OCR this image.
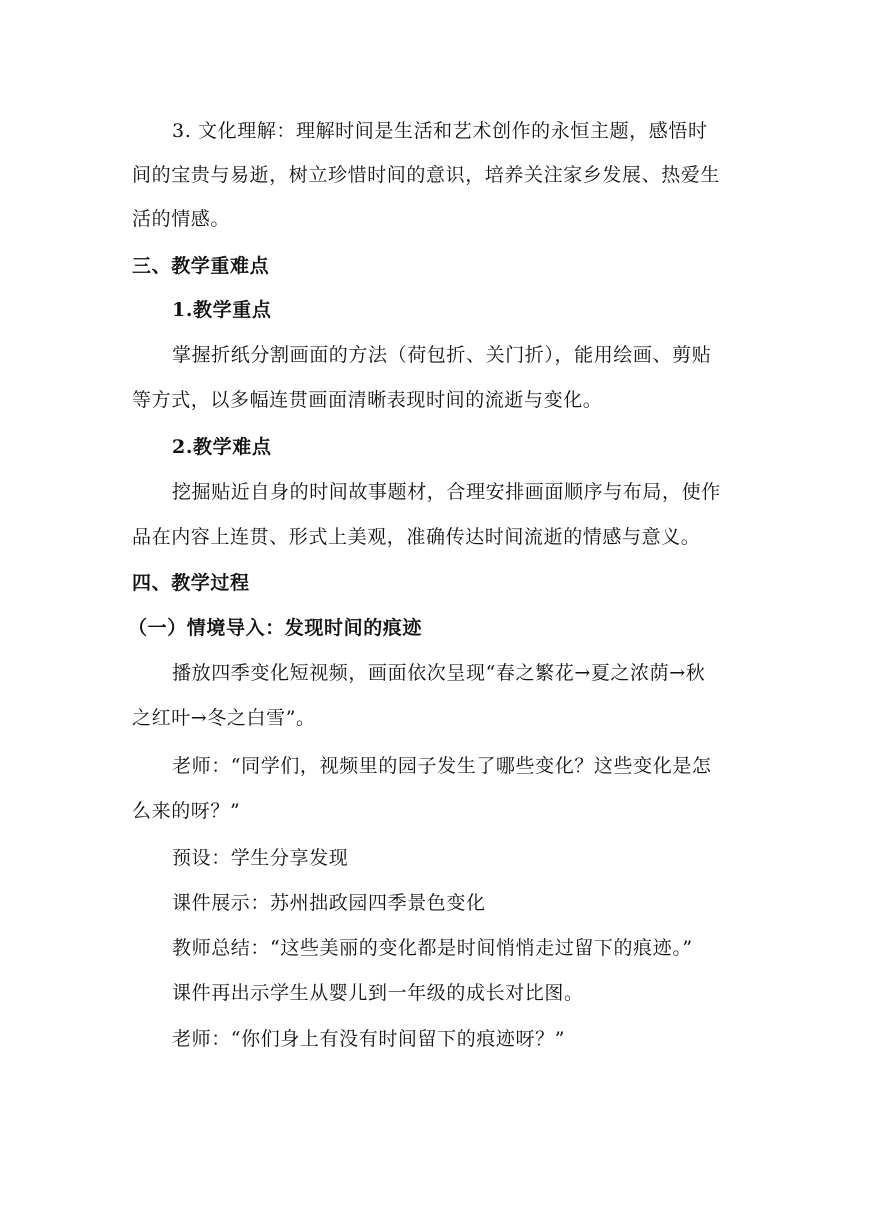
3. 文化理解：理解时间是生活和艺术创作的永恒主题，感悟时
间的宝贵与易逝，树立珍惜时间的意识，培养关注家乡发展、热爱生
活的情感。
三、教学重难点
1.教学重点
掌握折纸分割画面的方法（荷包折、关门折），能用绘画、剪贴
等方式，以多幅连贯画面清晰表现时间的流逝与变化。
2.教学难点
挖掘贴近自身的时间故事题材，合理安排画面顺序与布局，使作
品在内容上连贯、形式上美观，准确传达时间流逝的情感与意义。
四、教学过程
（一）情境导入：发现时间的痕迹
播放四季变化短视频，画面依次呈现“春之繁花→夏之浓荫→秋
之红叶→冬之白雪”。
老师：“同学们，视频里的园子发生了哪些变化？这些变化是怎
么来的呀？”
预设：学生分享发现
课件展示：苏州拙政园四季景色变化
教师总结：“这些美丽的变化都是时间悄悄走过留下的痕迹。”
课件再出示学生从婴儿到一年级的成长对比图。
老师：“你们身上有没有时间留下的痕迹呀？”
